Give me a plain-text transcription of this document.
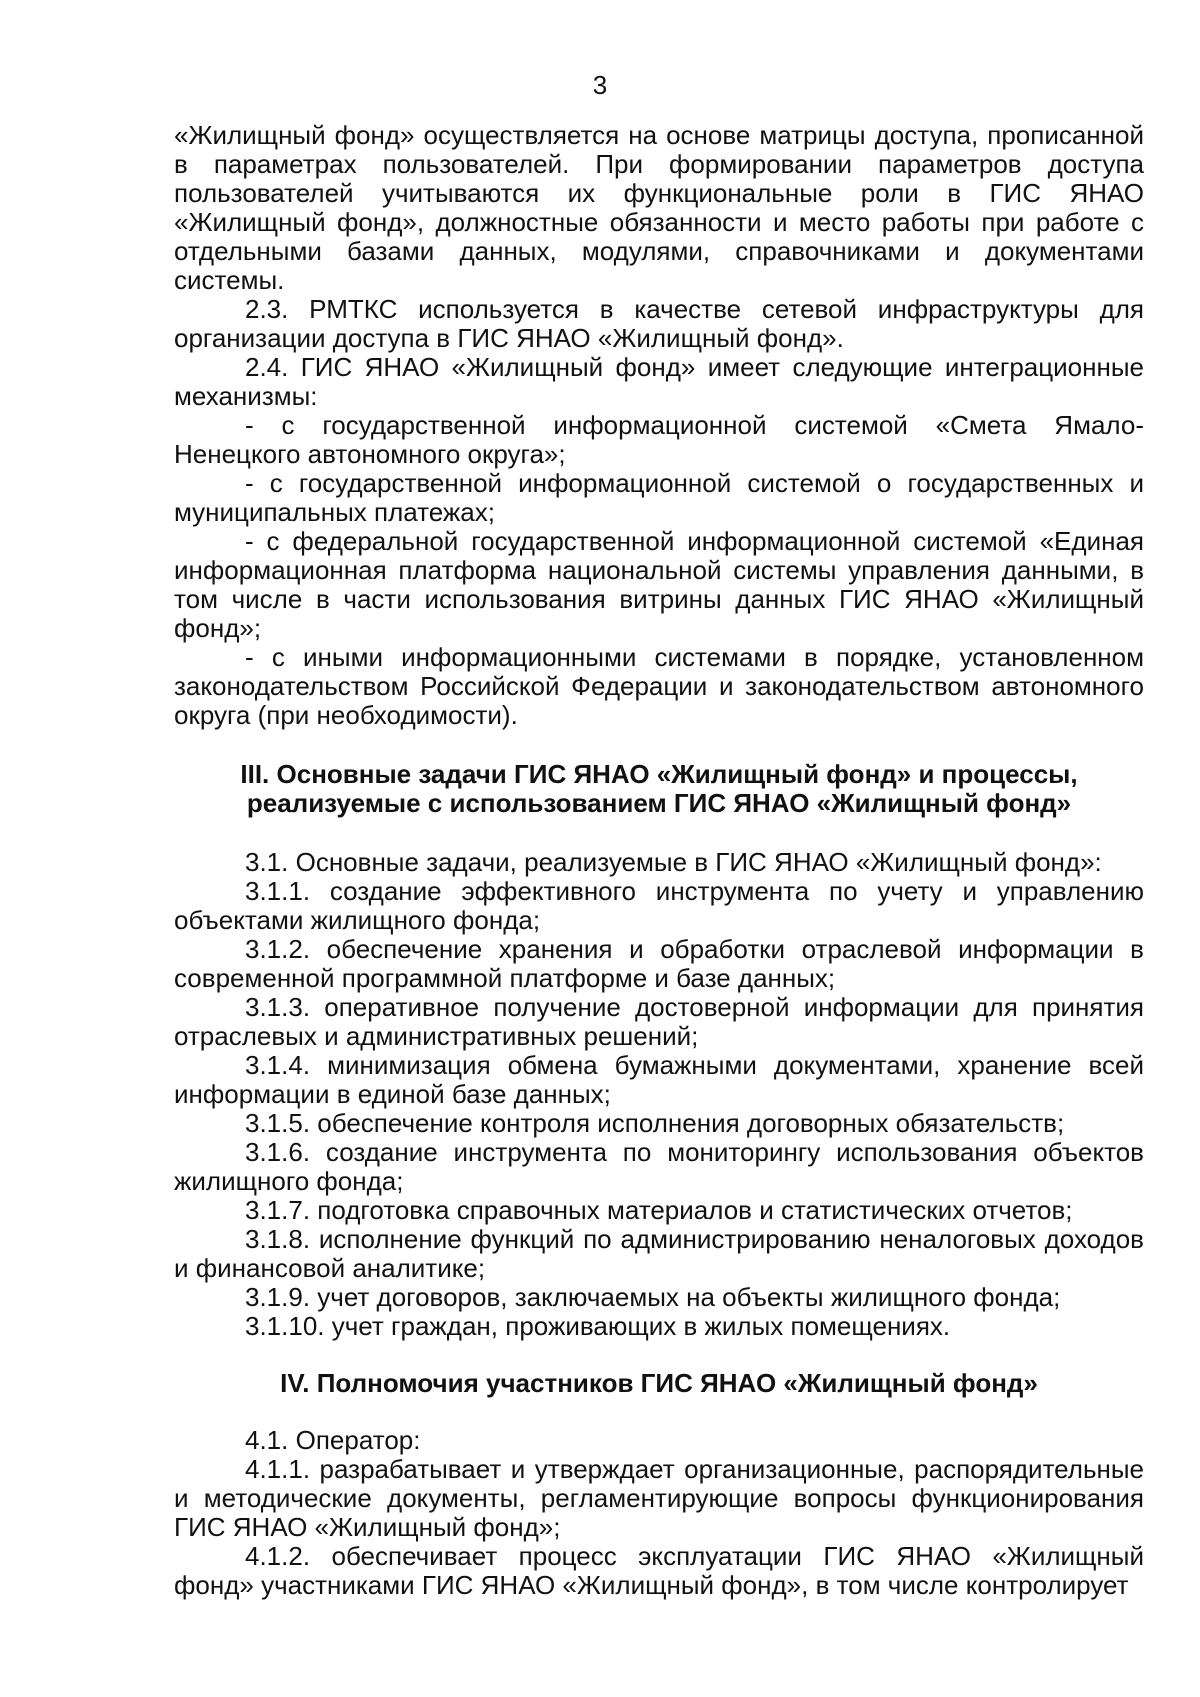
3

«Жилищный фонд» осуществляется на основе матрицы доступа, прописанной в параметрах пользователей. При формировании параметров доступа пользователей учитываются их функциональные роли в ГИС ЯНАО «Жилищный фонд», должностные обязанности и место работы при работе с отдельными базами данных, модулями, справочниками и документами системы.

2.3. РМТКС используется в качестве сетевой инфраструктуры для организации доступа в ГИС ЯНАО «Жилищный фонд».

2.4. ГИС ЯНАО «Жилищный фонд» имеет следующие интеграционные механизмы:

- с государственной информационной системой «Смета Ямало-Ненецкого автономного округа»;

- с государственной информационной системой о государственных и муниципальных платежах;

- с федеральной государственной информационной системой «Единая информационная платформа национальной системы управления данными, в том числе в части использования витрины данных ГИС ЯНАО «Жилищный фонд»;

- с иными информационными системами в порядке, установленном законодательством Российской Федерации и законодательством автономного округа (при необходимости).

III. Основные задачи ГИС ЯНАО «Жилищный фонд» и процессы,
реализуемые с использованием ГИС ЯНАО «Жилищный фонд»

3.1. Основные задачи, реализуемые в ГИС ЯНАО «Жилищный фонд»:

3.1.1. создание эффективного инструмента по учету и управлению объектами жилищного фонда;

3.1.2. обеспечение хранения и обработки отраслевой информации в современной программной платформе и базе данных;

3.1.3. оперативное получение достоверной информации для принятия отраслевых и административных решений;

3.1.4. минимизация обмена бумажными документами, хранение всей информации в единой базе данных;

3.1.5. обеспечение контроля исполнения договорных обязательств;

3.1.6. создание инструмента по мониторингу использования объектов жилищного фонда;

3.1.7. подготовка справочных материалов и статистических отчетов;

3.1.8. исполнение функций по администрированию неналоговых доходов и финансовой аналитике;

3.1.9. учет договоров, заключаемых на объекты жилищного фонда;

3.1.10. учет граждан, проживающих в жилых помещениях.

IV. Полномочия участников ГИС ЯНАО «Жилищный фонд»

4.1. Оператор:

4.1.1. разрабатывает и утверждает организационные, распорядительные и методические документы, регламентирующие вопросы функционирования ГИС ЯНАО «Жилищный фонд»;

4.1.2. обеспечивает процесс эксплуатации ГИС ЯНАО «Жилищный фонд» участниками ГИС ЯНАО «Жилищный фонд», в том числе контролирует
